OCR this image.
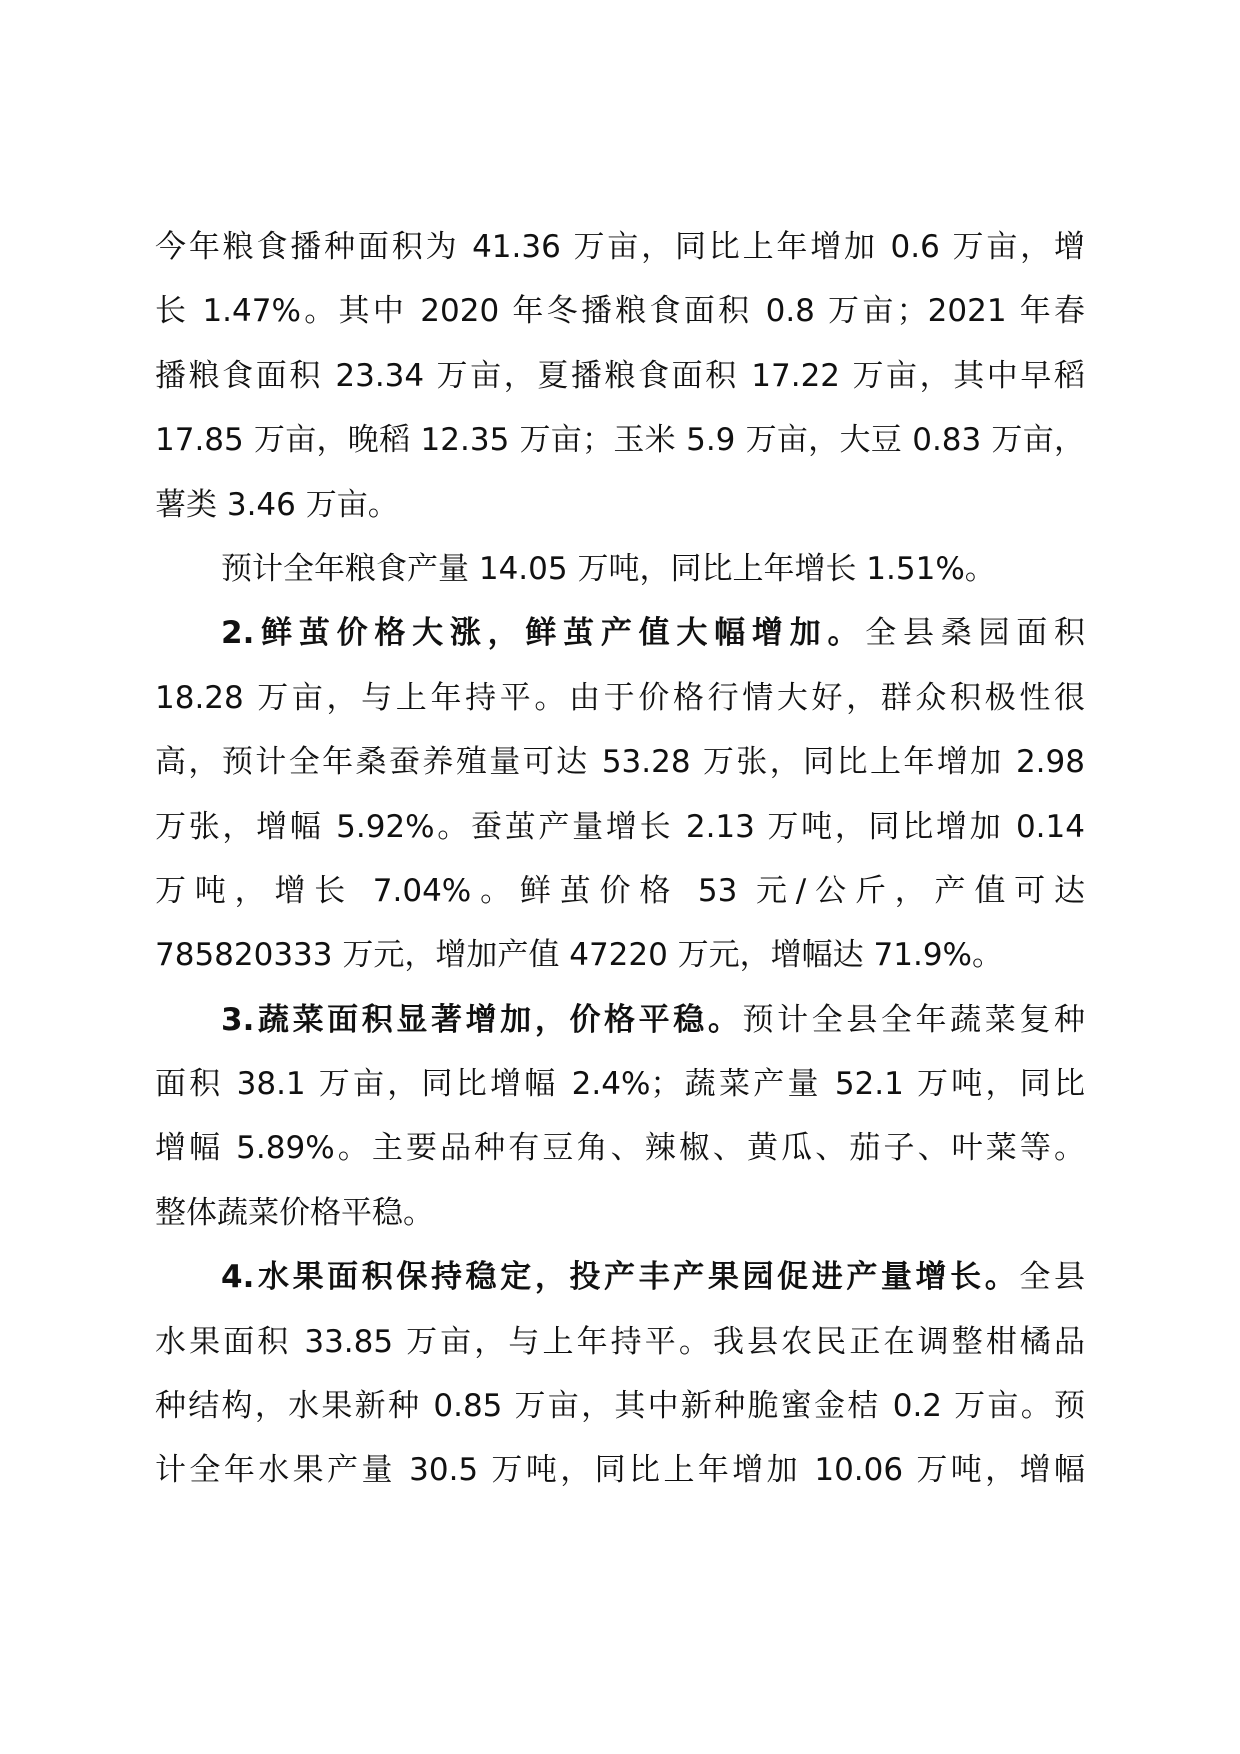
今年粮食播种面积为 41.36 万亩，同比上年增加 0.6 万亩，增
长 1.47%。其中 2020 年冬播粮食面积 0.8 万亩；2021 年春
播粮食面积 23.34 万亩，夏播粮食面积 17.22 万亩，其中早稻
17.85 万亩，晚稻 12.35 万亩；玉米 5.9 万亩，大豆 0.83 万亩，
薯类 3.46 万亩。
预计全年粮食产量 14.05 万吨，同比上年增长 1.51%。
2.鲜茧价格大涨，鲜茧产值大幅增加。全县桑园面积
18.28 万亩，与上年持平。由于价格行情大好，群众积极性很
高，预计全年桑蚕养殖量可达 53.28 万张，同比上年增加 2.98
万张，增幅 5.92%。蚕茧产量增长 2.13 万吨，同比增加 0.14
万吨，增长 7.04%。鲜茧价格 53 元/公斤，产值可达
785820333 万元，增加产值 47220 万元，增幅达 71.9%。
3.蔬菜面积显著增加，价格平稳。预计全县全年蔬菜复种
面积 38.1 万亩，同比增幅 2.4%；蔬菜产量 52.1 万吨，同比
增幅 5.89%。主要品种有豆角、辣椒、黄瓜、茄子、叶菜等。
整体蔬菜价格平稳。
4.水果面积保持稳定，投产丰产果园促进产量增长。全县
水果面积 33.85 万亩，与上年持平。我县农民正在调整柑橘品
种结构，水果新种 0.85 万亩，其中新种脆蜜金桔 0.2 万亩。预
计全年水果产量 30.5 万吨，同比上年增加 10.06 万吨，增幅
